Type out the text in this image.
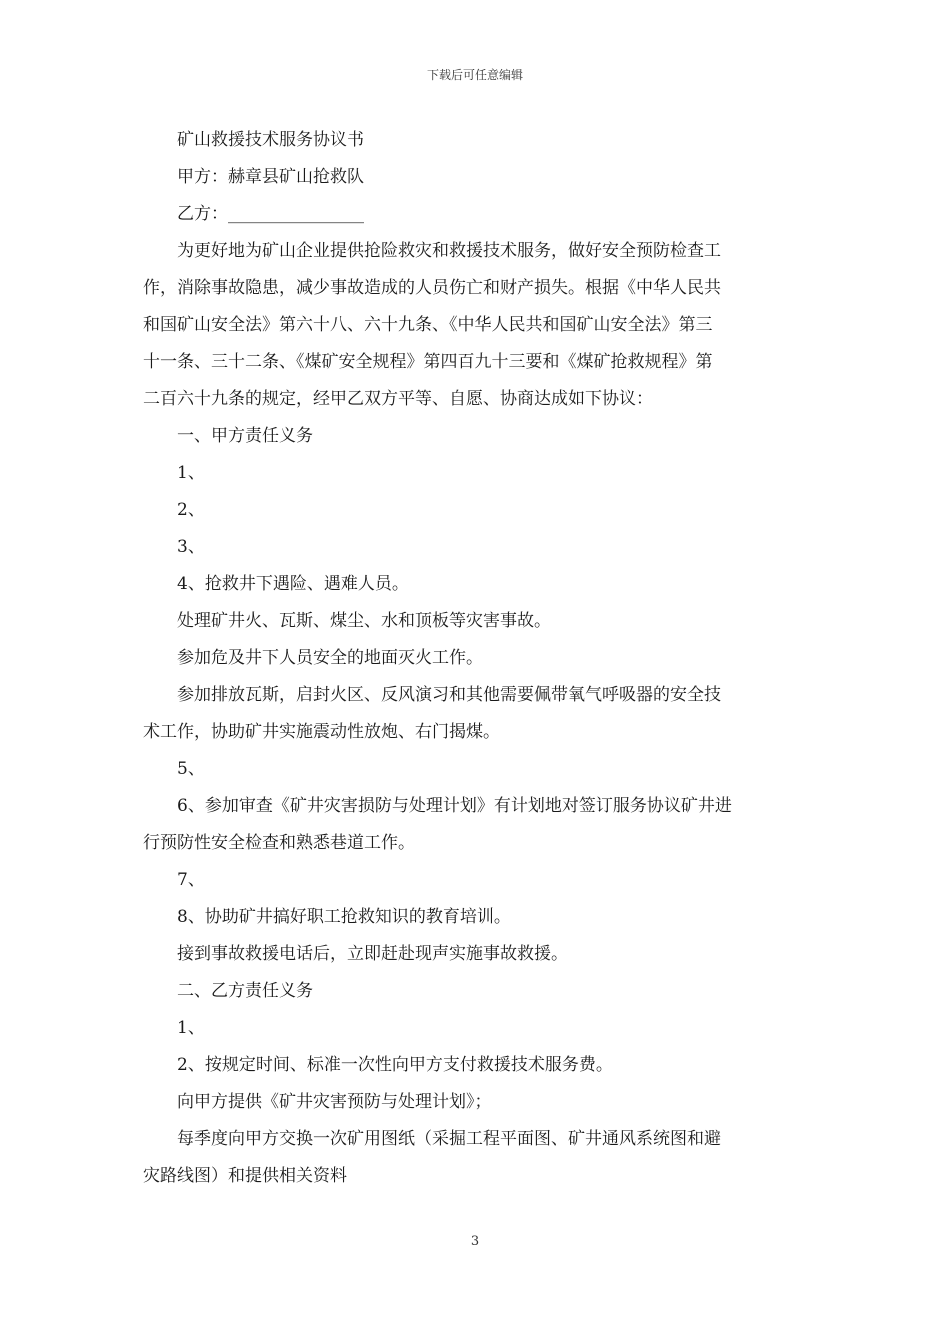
下载后可任意编辑
矿山救援技术服务协议书
甲方：赫章县矿山抢救队
乙方：________________
为更好地为矿山企业提供抢险救灾和救援技术服务，做好安全预防检查工
作，消除事故隐患，减少事故造成的人员伤亡和财产损失。根据《中华人民共
和国矿山安全法》第六十八、六十九条、《中华人民共和国矿山安全法》第三
十一条、三十二条、《煤矿安全规程》第四百九十三要和《煤矿抢救规程》第
二百六十九条的规定，经甲乙双方平等、自愿、协商达成如下协议：
一、甲方责任义务
1、
2、
3、
4、抢救井下遇险、遇难人员。
处理矿井火、瓦斯、煤尘、水和顶板等灾害事故。
参加危及井下人员安全的地面灭火工作。
参加排放瓦斯，启封火区、反风演习和其他需要佩带氧气呼吸器的安全技
术工作，协助矿井实施震动性放炮、右门揭煤。
5、
6、参加审查《矿井灾害损防与处理计划》有计划地对签订服务协议矿井进
行预防性安全检查和熟悉巷道工作。
7、
8、协助矿井搞好职工抢救知识的教育培训。
接到事故救援电话后，立即赶赴现声实施事故救援。
二、乙方责任义务
1、
2、按规定时间、标准一次性向甲方支付救援技术服务费。
向甲方提供《矿井灾害预防与处理计划》；
每季度向甲方交换一次矿用图纸（采掘工程平面图、矿井通风系统图和避
灾路线图）和提供相关资料
3
